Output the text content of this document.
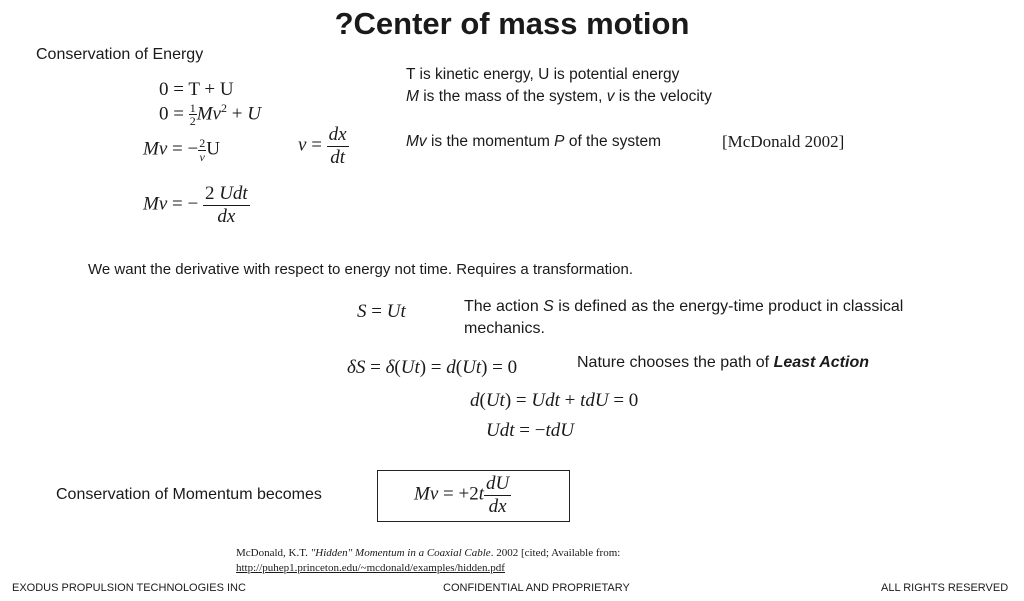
?Center of mass motion
Conservation of Energy
0 = T + U
$0 = \frac{1}{2} Mv^2 + U$
Mv = − $\frac{2}{v}$ U	$v = \frac{dx}{dt}$
Mv = − $\frac{\text{2 Udt}}{dx}$
T is kinetic energy, U is potential energy
M is the mass of the system, v is the velocity
Mv is the momentum P of the system	[McDonald 2002]
We want the derivative with respect to energy not time. Requires a transformation.
S = Ut	The action S is defined as the energy-time product in classical
mechanics.
δS = δ(Ut) = d(Ut) = 0	Nature chooses the path of Least Action
d(Ut) = Udt + tdU = 0
Udt = −tdU
Conservation of Momentum becomes	$Mv = +2t \frac{dU}{dx}$
McDonald, K.T. "Hidden" Momentum in a Coaxial Cable. 2002 [cited; Available from:
http://puhep1.princeton.edu/~mcdonald/examples/hidden.pdf
EXODUS PROPULSION TECHNOLOGIES INC	CONFIDENTIAL AND PROPRIETARY	ALL RIGHTS RESERVED
